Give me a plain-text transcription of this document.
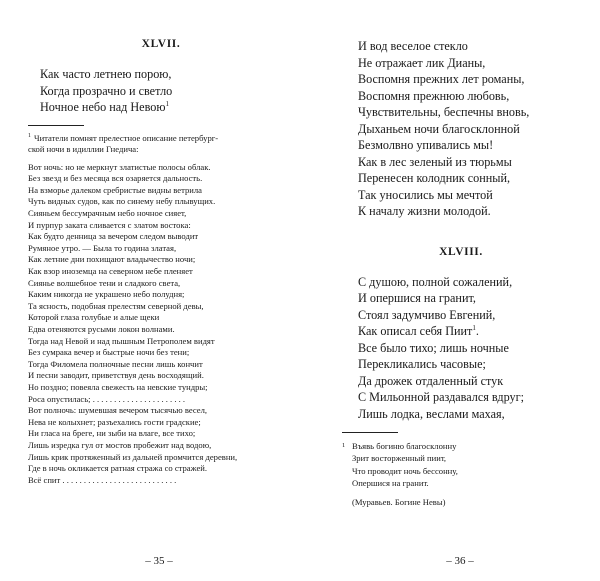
XLVII.
Как часто летнею порою,
Когда прозрачно и светло
Ночное небо над Невою$^1$
$^1$ Читатели помнят прелестное описание петербург-
ской ночи в идиллии Гнедича:
Вот ночь: но не меркнут златистые полосы облак.
Без звезд и без месяца вся озаряется дальность.
На взморье далеком сребристые видны ветрила
Чуть видных судов, как по синему небу плывущих.
Сияньем бессумрачным небо ночное сияет,
И пурпур заката сливается с златом востока:
Как будто денница за вечером следом выводит
Румяное утро. — Была то година златая,
Как летние дни похищают владычество ночи;
Как взор иноземца на северном небе пленяет
Сиянье волшебное тени и сладкого света,
Каким никогда не украшено небо полудня;
Та ясность, подобная прелестям северной девы,
Которой глаза голубые и алые щеки
Едва отеняются русыми локон волнами.
Тогда над Невой и над пышным Петрополем видят
Без сумрака вечер и быстрые ночи без тени;
Тогда Филомела полночные песни лишь кончит
И песни заводит, приветствуя день восходящий.
Но поздно; повеяла свежесть на невские тундры;
Роса опустилась; . . . . . . . . . . . . . . . . . . . . . .
Вот полночь: шумевшая вечером тысячью весел,
Нева не колыхнет; разъехались гости градские;
Ни гласа на бреге, ни зыби на влаге, все тихо;
Лишь изредка гул от мостов пробежит над водою,
Лишь крик протяженный из дальней промчится деревни,
Где в ночь окликается ратная стража со стражей.
Всё спит . . . . . . . . . . . . . . . . . . . . . . . . . . .
– 35 –
И вод веселое стекло
Не отражает лик Дианы,
Воспомня прежних лет романы,
Воспомня прежнюю любовь,
Чувствительны, беспечны вновь,
Дыханьем ночи благосклонной
Безмолвно упивались мы!
Как в лес зеленый из тюрьмы
Перенесен колодник сонный,
Так уносились мы мечтой
К началу жизни молодой.
XLVIII.
С душою, полной сожалений,
И опершися на гранит,
Стоял задумчиво Евгений,
Как описал себя Пиит$^1$.
Все было тихо; лишь ночные
Перекликались часовые;
Да дрожек отдаленный стук
С Мильонной раздавался вдруг;
Лишь лодка, веслами махая,
1 Въявь богиню благосклонну
Зрит восторженный пиит,
Что проводит ночь бессонну,
Опершися на гранит.
(Муравьев. Богине Невы)
– 36 –
